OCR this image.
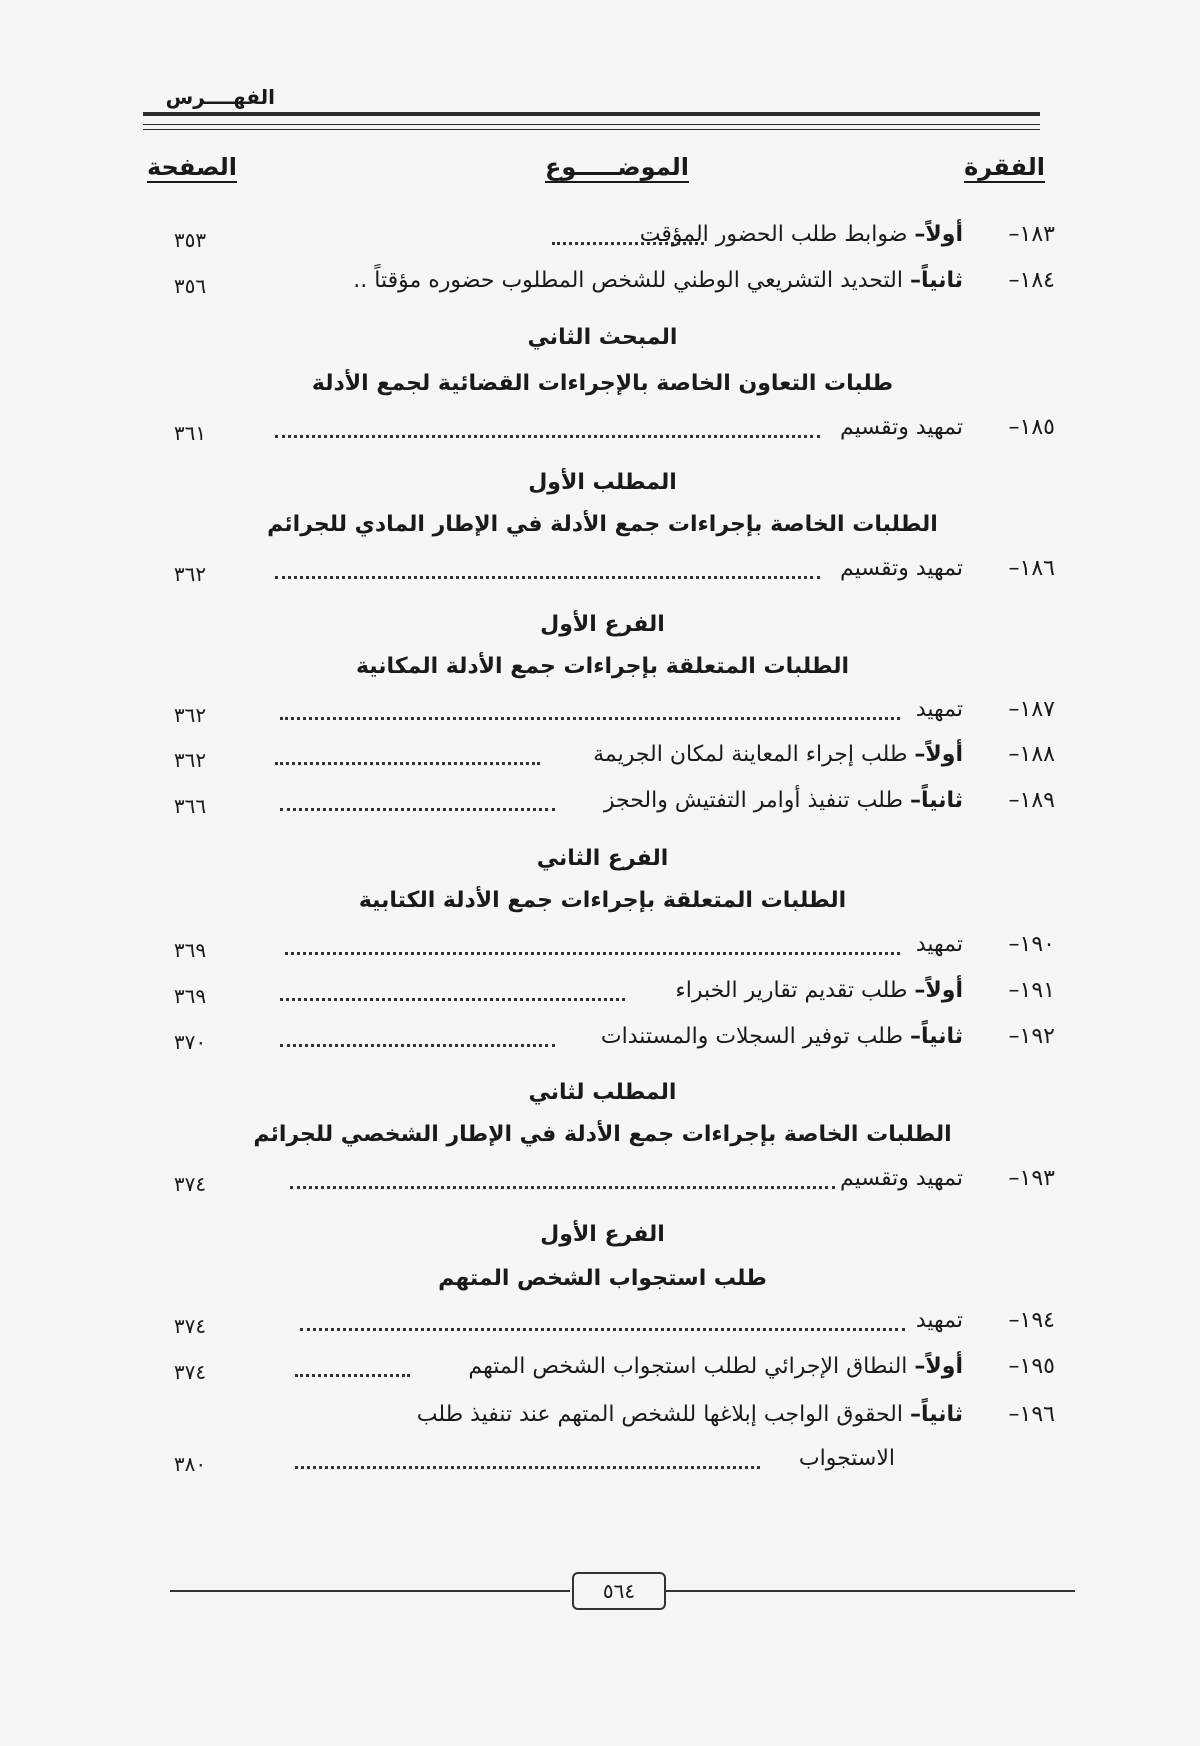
الفهــــرس
الفقرة
الموضـــــوع
الصفحة
١٨٣–
أولاً– ضوابط طلب الحضور المؤقت
٣٥٣
١٨٤–
ثانياً– التحديد التشريعي الوطني للشخص المطلوب حضوره مؤقتاً ..
٣٥٦
المبحث الثاني
طلبات التعاون الخاصة بالإجراءات القضائية لجمع الأدلة
١٨٥–
تمهيد وتقسيم
٣٦١
المطلب الأول
الطلبات الخاصة بإجراءات جمع الأدلة في الإطار المادي للجرائم
١٨٦–
تمهيد وتقسيم
٣٦٢
الفرع الأول
الطلبات المتعلقة بإجراءات جمع الأدلة المكانية
١٨٧–
تمهيد
٣٦٢
١٨٨–
أولاً– طلب إجراء المعاينة لمكان الجريمة
٣٦٢
١٨٩–
ثانياً– طلب تنفيذ أوامر التفتيش والحجز
٣٦٦
الفرع الثاني
الطلبات المتعلقة بإجراءات جمع الأدلة الكتابية
١٩٠–
تمهيد
٣٦٩
١٩١–
أولاً– طلب تقديم تقارير الخبراء
٣٦٩
١٩٢–
ثانياً– طلب توفير السجلات والمستندات
٣٧٠
المطلب لثاني
الطلبات الخاصة بإجراءات جمع الأدلة في الإطار الشخصي للجرائم
١٩٣–
تمهيد وتقسيم
٣٧٤
الفرع الأول
طلب استجواب الشخص المتهم
١٩٤–
تمهيد
٣٧٤
١٩٥–
أولاً– النطاق الإجرائي لطلب استجواب الشخص المتهم
٣٧٤
١٩٦–
ثانياً– الحقوق الواجب إبلاغها للشخص المتهم عند تنفيذ طلب
الاستجواب
٣٨٠
٥٦٤
